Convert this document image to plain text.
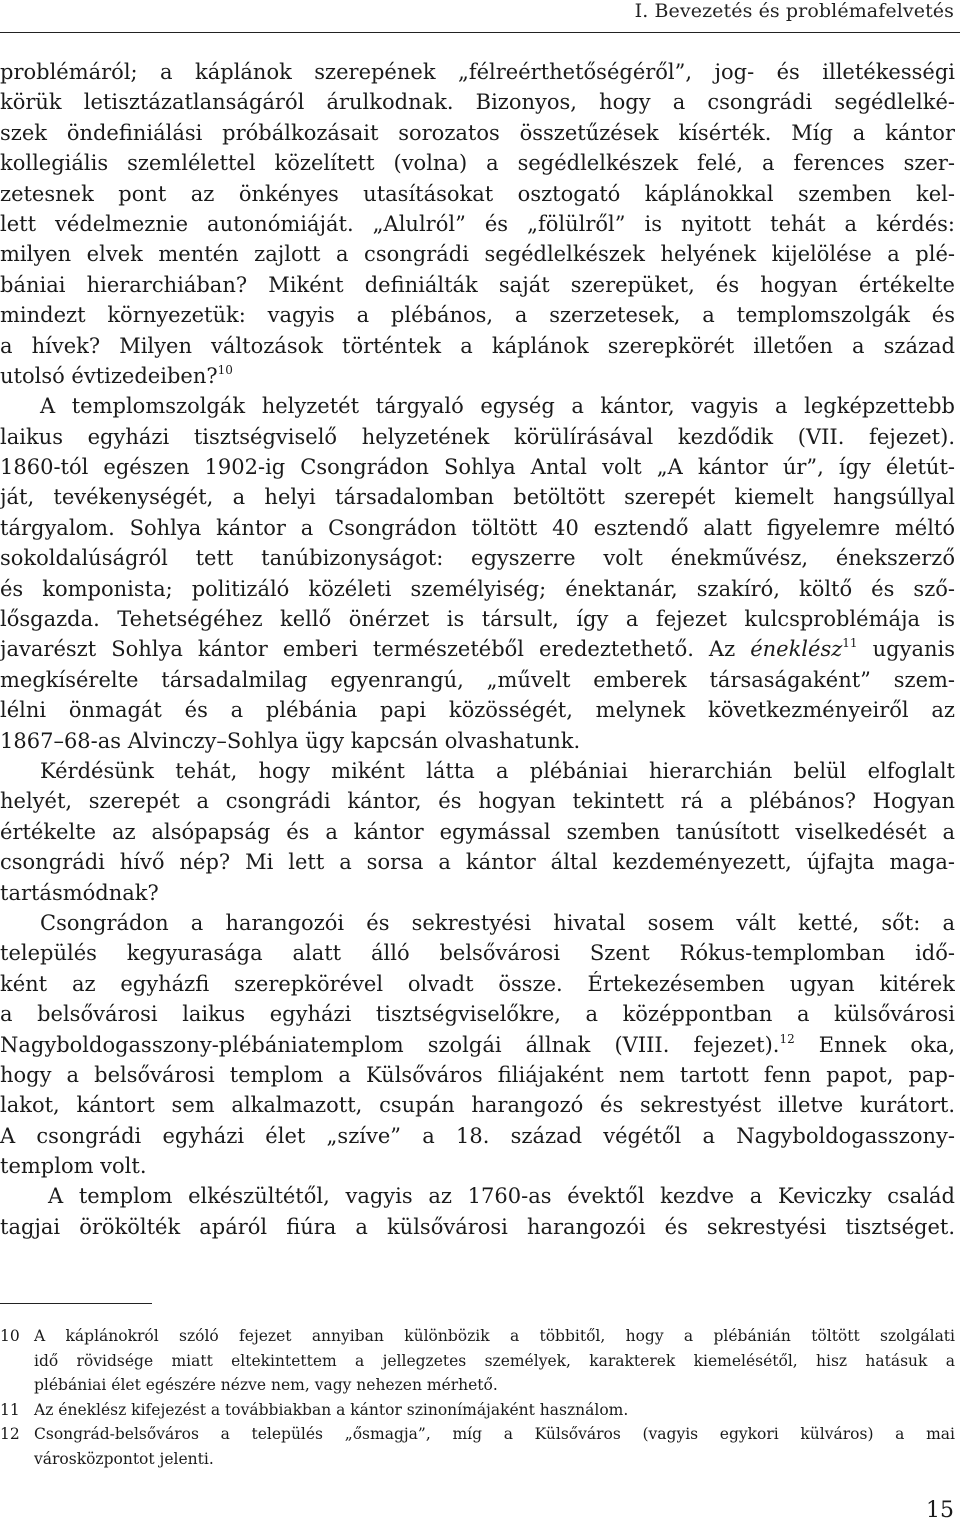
I. Bevezetés és problémafelvetés
problémáról; a káplánok szerepének „félreérthetőségéről”, jog- és illetékességi
körük letisztázatlanságáról árulkodnak. Bizonyos, hogy a csongrádi segédlelké-
szek öndefiniálási próbálkozásait sorozatos összetűzések kísérték. Míg a kántor
kollegiális szemlélettel közelített (volna) a segédlelkészek felé, a ferences szer-
zetesnek pont az önkényes utasításokat osztogató káplánokkal szemben kel-
lett védelmeznie autonómiáját. „Alulról” és „fölülről” is nyitott tehát a kérdés:
milyen elvek mentén zajlott a csongrádi segédlelkészek helyének kijelölése a plé-
bániai hierarchiában? Miként definiálták saját szerepüket, és hogyan értékelte
mindezt környezetük: vagyis a plébános, a szerzetesek, a templomszolgák és
a hívek? Milyen változások történtek a káplánok szerepkörét illetően a század
utolsó évtizedeiben?$^{10}$
A templomszolgák helyzetét tárgyaló egység a kántor, vagyis a legképzettebb
laikus egyházi tisztségviselő helyzetének körülírásával kezdődik (VII. fejezet).
1860-tól egészen 1902-ig Csongrádon Sohlya Antal volt „A kántor úr”, így életút-
ját, tevékenységét, a helyi társadalomban betöltött szerepét kiemelt hangsúllyal
tárgyalom. Sohlya kántor a Csongrádon töltött 40 esztendő alatt figyelemre méltó
sokoldalúságról tett tanúbizonyságot: egyszerre volt énekművész, énekszerző
és komponista; politizáló közéleti személyiség; énektanár, szakíró, költő és sző-
lősgazda. Tehetségéhez kellő önérzet is társult, így a fejezet kulcsproblémája is
javarészt Sohlya kántor emberi természetéből eredeztethető. Az éneklész$^{11}$ ugyanis
megkísérelte társadalmilag egyenrangú, „művelt emberek társaságaként” szem-
lélni önmagát és a plébánia papi közösségét, melynek következményeiről az
1867–68-as Alvinczy–Sohlya ügy kapcsán olvashatunk.
Kérdésünk tehát, hogy miként látta a plébániai hierarchián belül elfoglalt
helyét, szerepét a csongrádi kántor, és hogyan tekintett rá a plébános? Hogyan
értékelte az alsópapság és a kántor egymással szemben tanúsított viselkedését a
csongrádi hívő nép? Mi lett a sorsa a kántor által kezdeményezett, újfajta maga-
tartásmódnak?
Csongrádon a harangozói és sekrestyési hivatal sosem vált ketté, sőt: a
település kegyurasága alatt álló belsővárosi Szent Rókus-templomban idő-
ként az egyházfi szerepkörével olvadt össze. Értekezésemben ugyan kitérek
a belsővárosi laikus egyházi tisztségviselőkre, a középpontban a külsővárosi
Nagyboldogasszony-plébániatemplom szolgái állnak (VIII. fejezet).$^{12}$ Ennek oka,
hogy a belsővárosi templom a Külsőváros filiájaként nem tartott fenn papot, pap-
lakot, kántort sem alkalmazott, csupán harangozó és sekrestyést illetve kurátort.
A csongrádi egyházi élet „szíve” a 18. század végétől a Nagyboldogasszony-
templom volt.
A templom elkészültétől, vagyis az 1760-as évektől kezdve a Keviczky család
tagjai örökölték apáról fiúra a külsővárosi harangozói és sekrestyési tisztséget.
10 A káplánokról szóló fejezet annyiban különbözik a többitől, hogy a plébánián töltött szolgálati
idő rövidsége miatt eltekintettem a jellegzetes személyek, karakterek kiemelésétől, hisz hatásuk a
plébániai élet egészére nézve nem, vagy nehezen mérhető.
11 Az éneklész kifejezést a továbbiakban a kántor szinonímájaként használom.
12 Csongrád-belsőváros a település „ősmagja”, míg a Külsőváros (vagyis egykori külváros) a mai
városközpontot jelenti.
15
